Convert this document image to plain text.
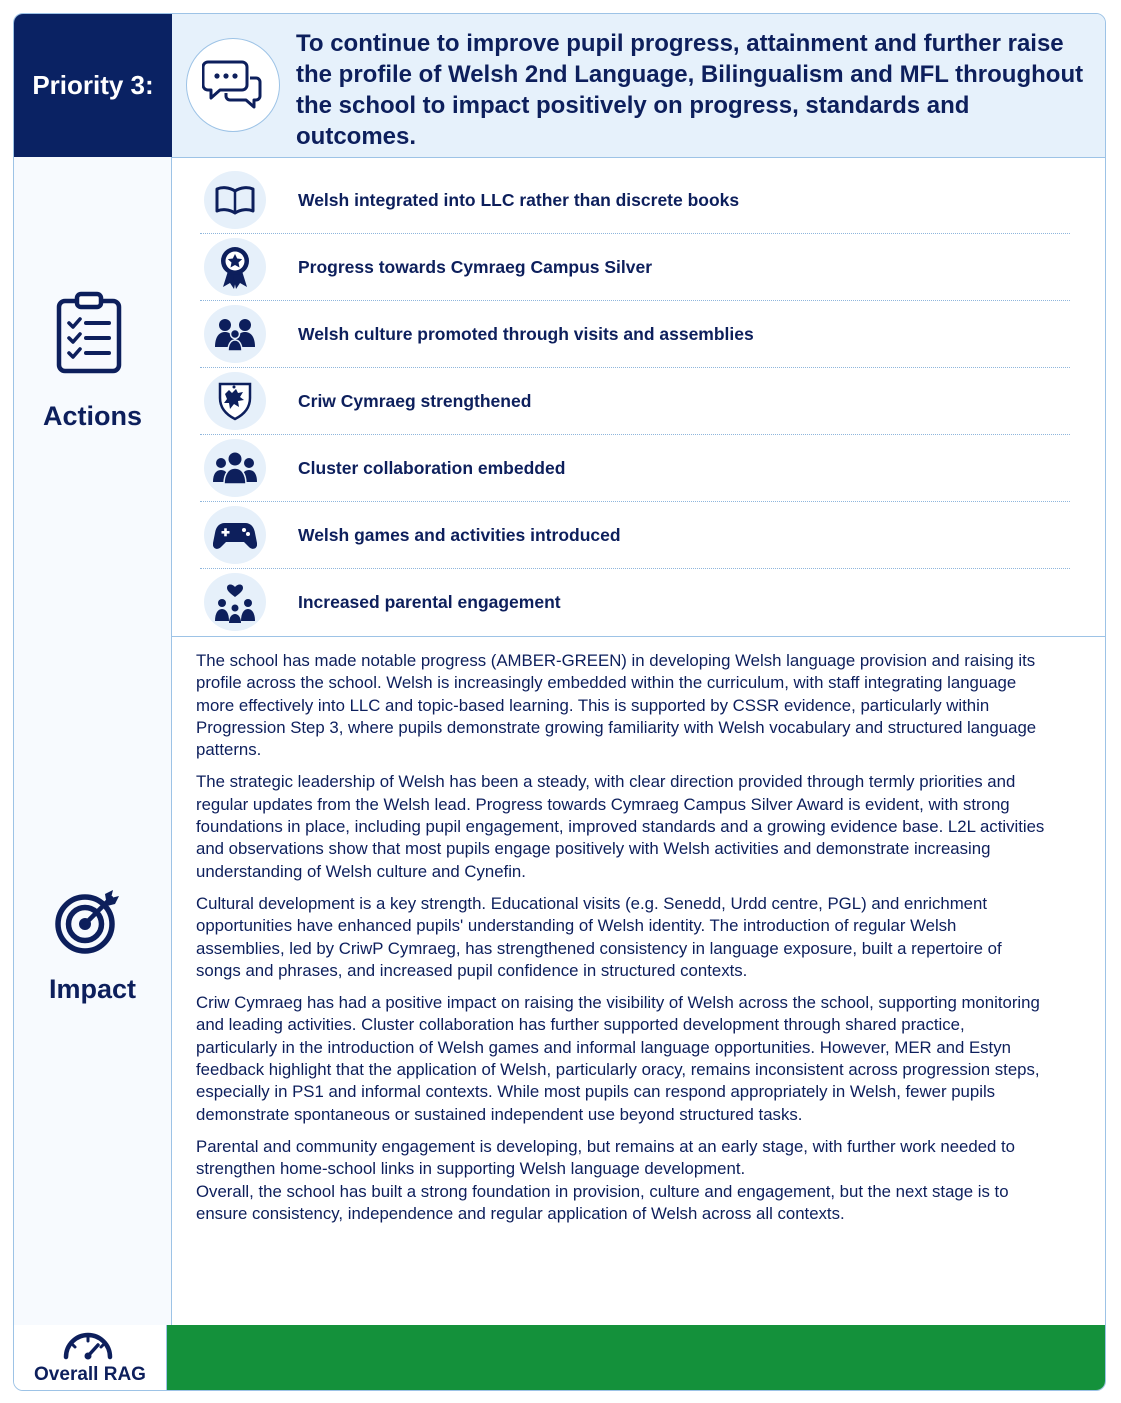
Priority 3:
To continue to improve pupil progress, attainment and further raise the profile of Welsh 2nd Language, Bilingualism and MFL throughout the school to impact positively on progress, standards and outcomes.
Actions
Welsh integrated into LLC rather than discrete books
Progress towards Cymraeg Campus Silver
Welsh culture promoted through visits and assemblies
Criw Cymraeg strengthened
Cluster collaboration embedded
Welsh games and activities introduced
Increased parental engagement
Impact

The school has made notable progress (AMBER-GREEN) in developing Welsh language provision and raising its profile across the school. Welsh is increasingly embedded within the curriculum, with staff integrating language more effectively into LLC and topic-based learning. This is supported by CSSR evidence, particularly within Progression Step 3, where pupils demonstrate growing familiarity with Welsh vocabulary and structured language patterns.

The strategic leadership of Welsh has been a steady, with clear direction provided through termly priorities and regular updates from the Welsh lead. Progress towards Cymraeg Campus Silver Award is evident, with strong foundations in place, including pupil engagement, improved standards and a growing evidence base. L2L activities and observations show that most pupils engage positively with Welsh activities and demonstrate increasing understanding of Welsh culture and Cynefin.

Cultural development is a key strength. Educational visits (e.g. Senedd, Urdd centre, PGL) and enrichment opportunities have enhanced pupils' understanding of Welsh identity. The introduction of regular Welsh assemblies, led by CriwP Cymraeg, has strengthened consistency in language exposure, built a repertoire of songs and phrases, and increased pupil confidence in structured contexts.

Criw Cymraeg has had a positive impact on raising the visibility of Welsh across the school, supporting monitoring and leading activities. Cluster collaboration has further supported development through shared practice, particularly in the introduction of Welsh games and informal language opportunities. However, MER and Estyn feedback highlight that the application of Welsh, particularly oracy, remains inconsistent across progression steps, especially in PS1 and informal contexts. While most pupils can respond appropriately in Welsh, fewer pupils demonstrate spontaneous or sustained independent use beyond structured tasks.

Parental and community engagement is developing, but remains at an early stage, with further work needed to strengthen home-school links in supporting Welsh language development.

Overall, the school has built a strong foundation in provision, culture and engagement, but the next stage is to ensure consistency, independence and regular application of Welsh across all contexts.

Overall RAG
